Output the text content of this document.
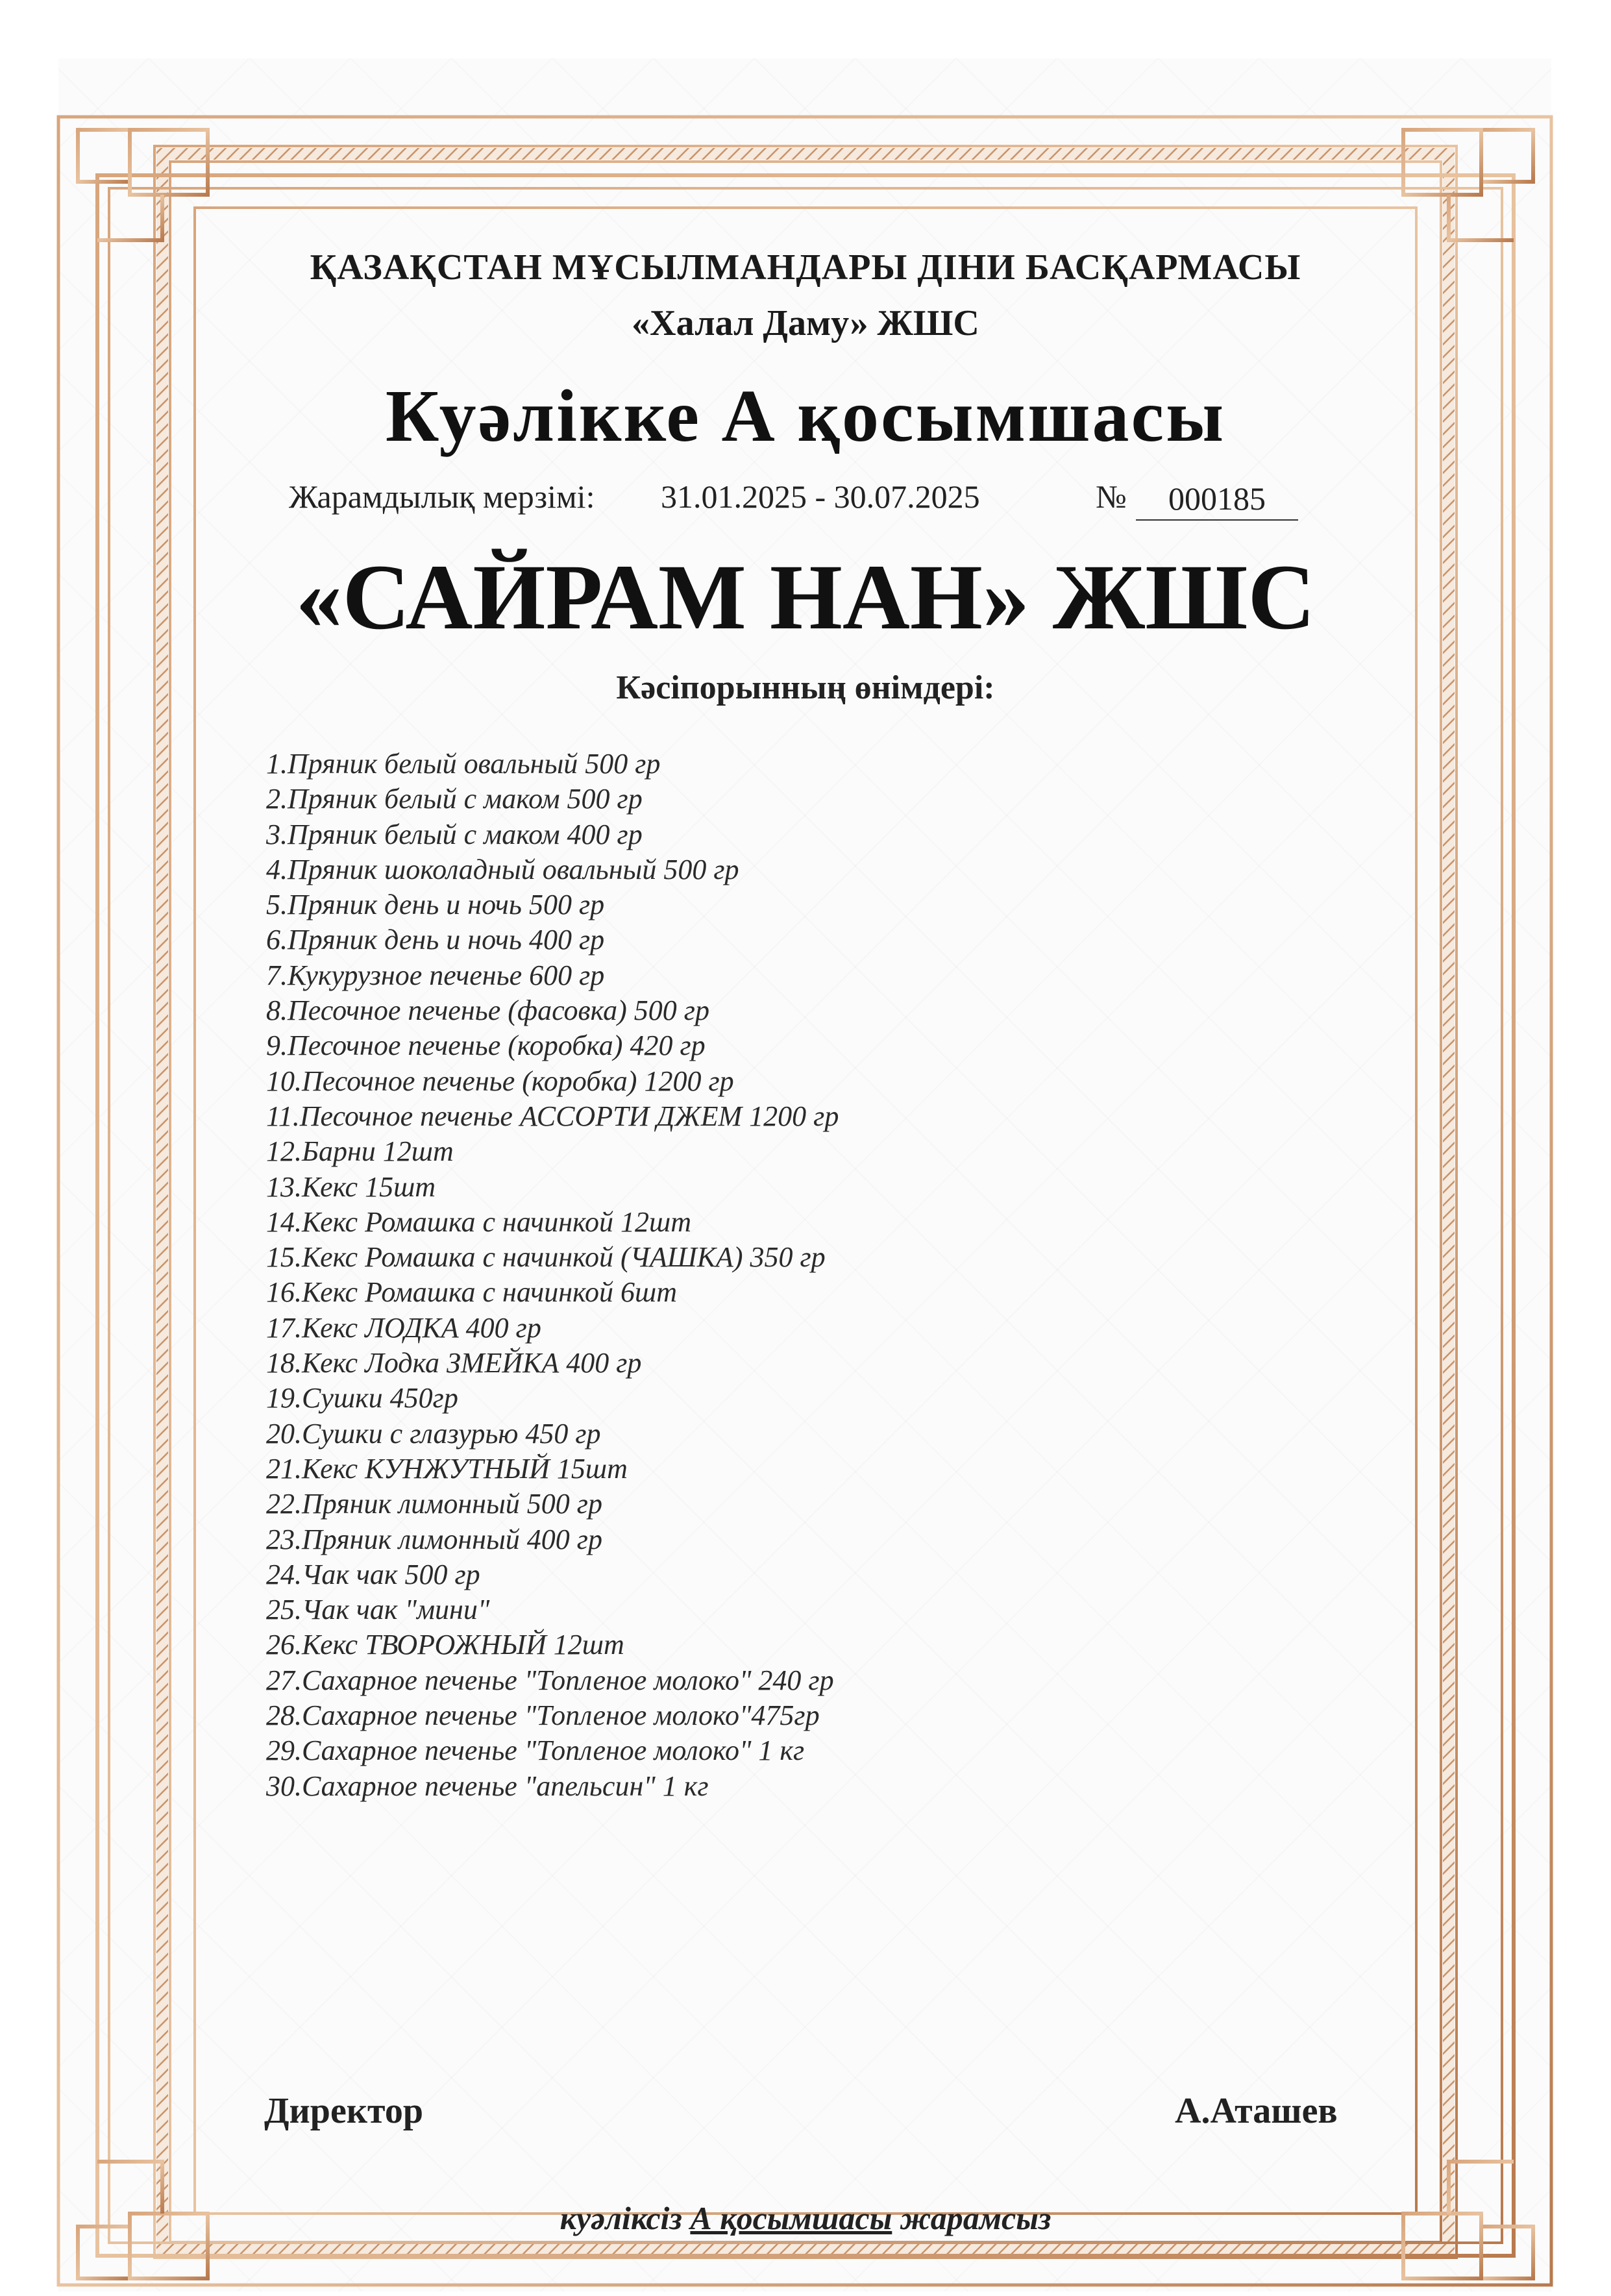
ҚАЗАҚСТАН МҰСЫЛМАНДАРЫ ДІНИ БАСҚАРМАСЫ
«Халал Даму» ЖШС
Куәлікке А қосымшасы
Жарамдылық мерзімі: 31.01.2025 - 30.07.2025	№	000185
«САЙРАМ НАН» ЖШС
Кәсіпорынның өнімдері:
1.Пряник белый овальный 500 гр
2.Пряник белый с маком 500 гр
3.Пряник белый с маком 400 гр
4.Пряник шоколадный овальный 500 гр
5.Пряник день и ночь 500 гр
6.Пряник день и ночь 400 гр
7.Кукурузное печенье 600 гр
8.Песочное печенье (фасовка) 500 гр
9.Песочное печенье (коробка) 420 гр
10.Песочное печенье (коробка) 1200 гр
11.Песочное печенье АССОРТИ ДЖЕМ 1200 гр
12.Барни 12шт
13.Кекс 15шт
14.Кекс Ромашка с начинкой 12шт
15.Кекс Ромашка с начинкой (ЧАШКА) 350 гр
16.Кекс Ромашка с начинкой 6шт
17.Кекс ЛОДКА 400 гр
18.Кекс Лодка ЗМЕЙКА 400 гр
19.Сушки 450гр
20.Сушки с глазурью 450 гр
21.Кекс КУНЖУТНЫЙ 15шт
22.Пряник лимонный 500 гр
23.Пряник лимонный 400 гр
24.Чак чак 500 гр
25.Чак чак "мини"
26.Кекс ТВОРОЖНЫЙ 12шт
27.Сахарное печенье "Топленое молоко" 240 гр
28.Сахарное печенье "Топленое молоко"475гр
29.Сахарное печенье "Топленое молоко" 1 кг
30.Сахарное печенье "апельсин" 1 кг
Директор	А.Аташев
куәліксіз А қосымшасы жарамсыз
